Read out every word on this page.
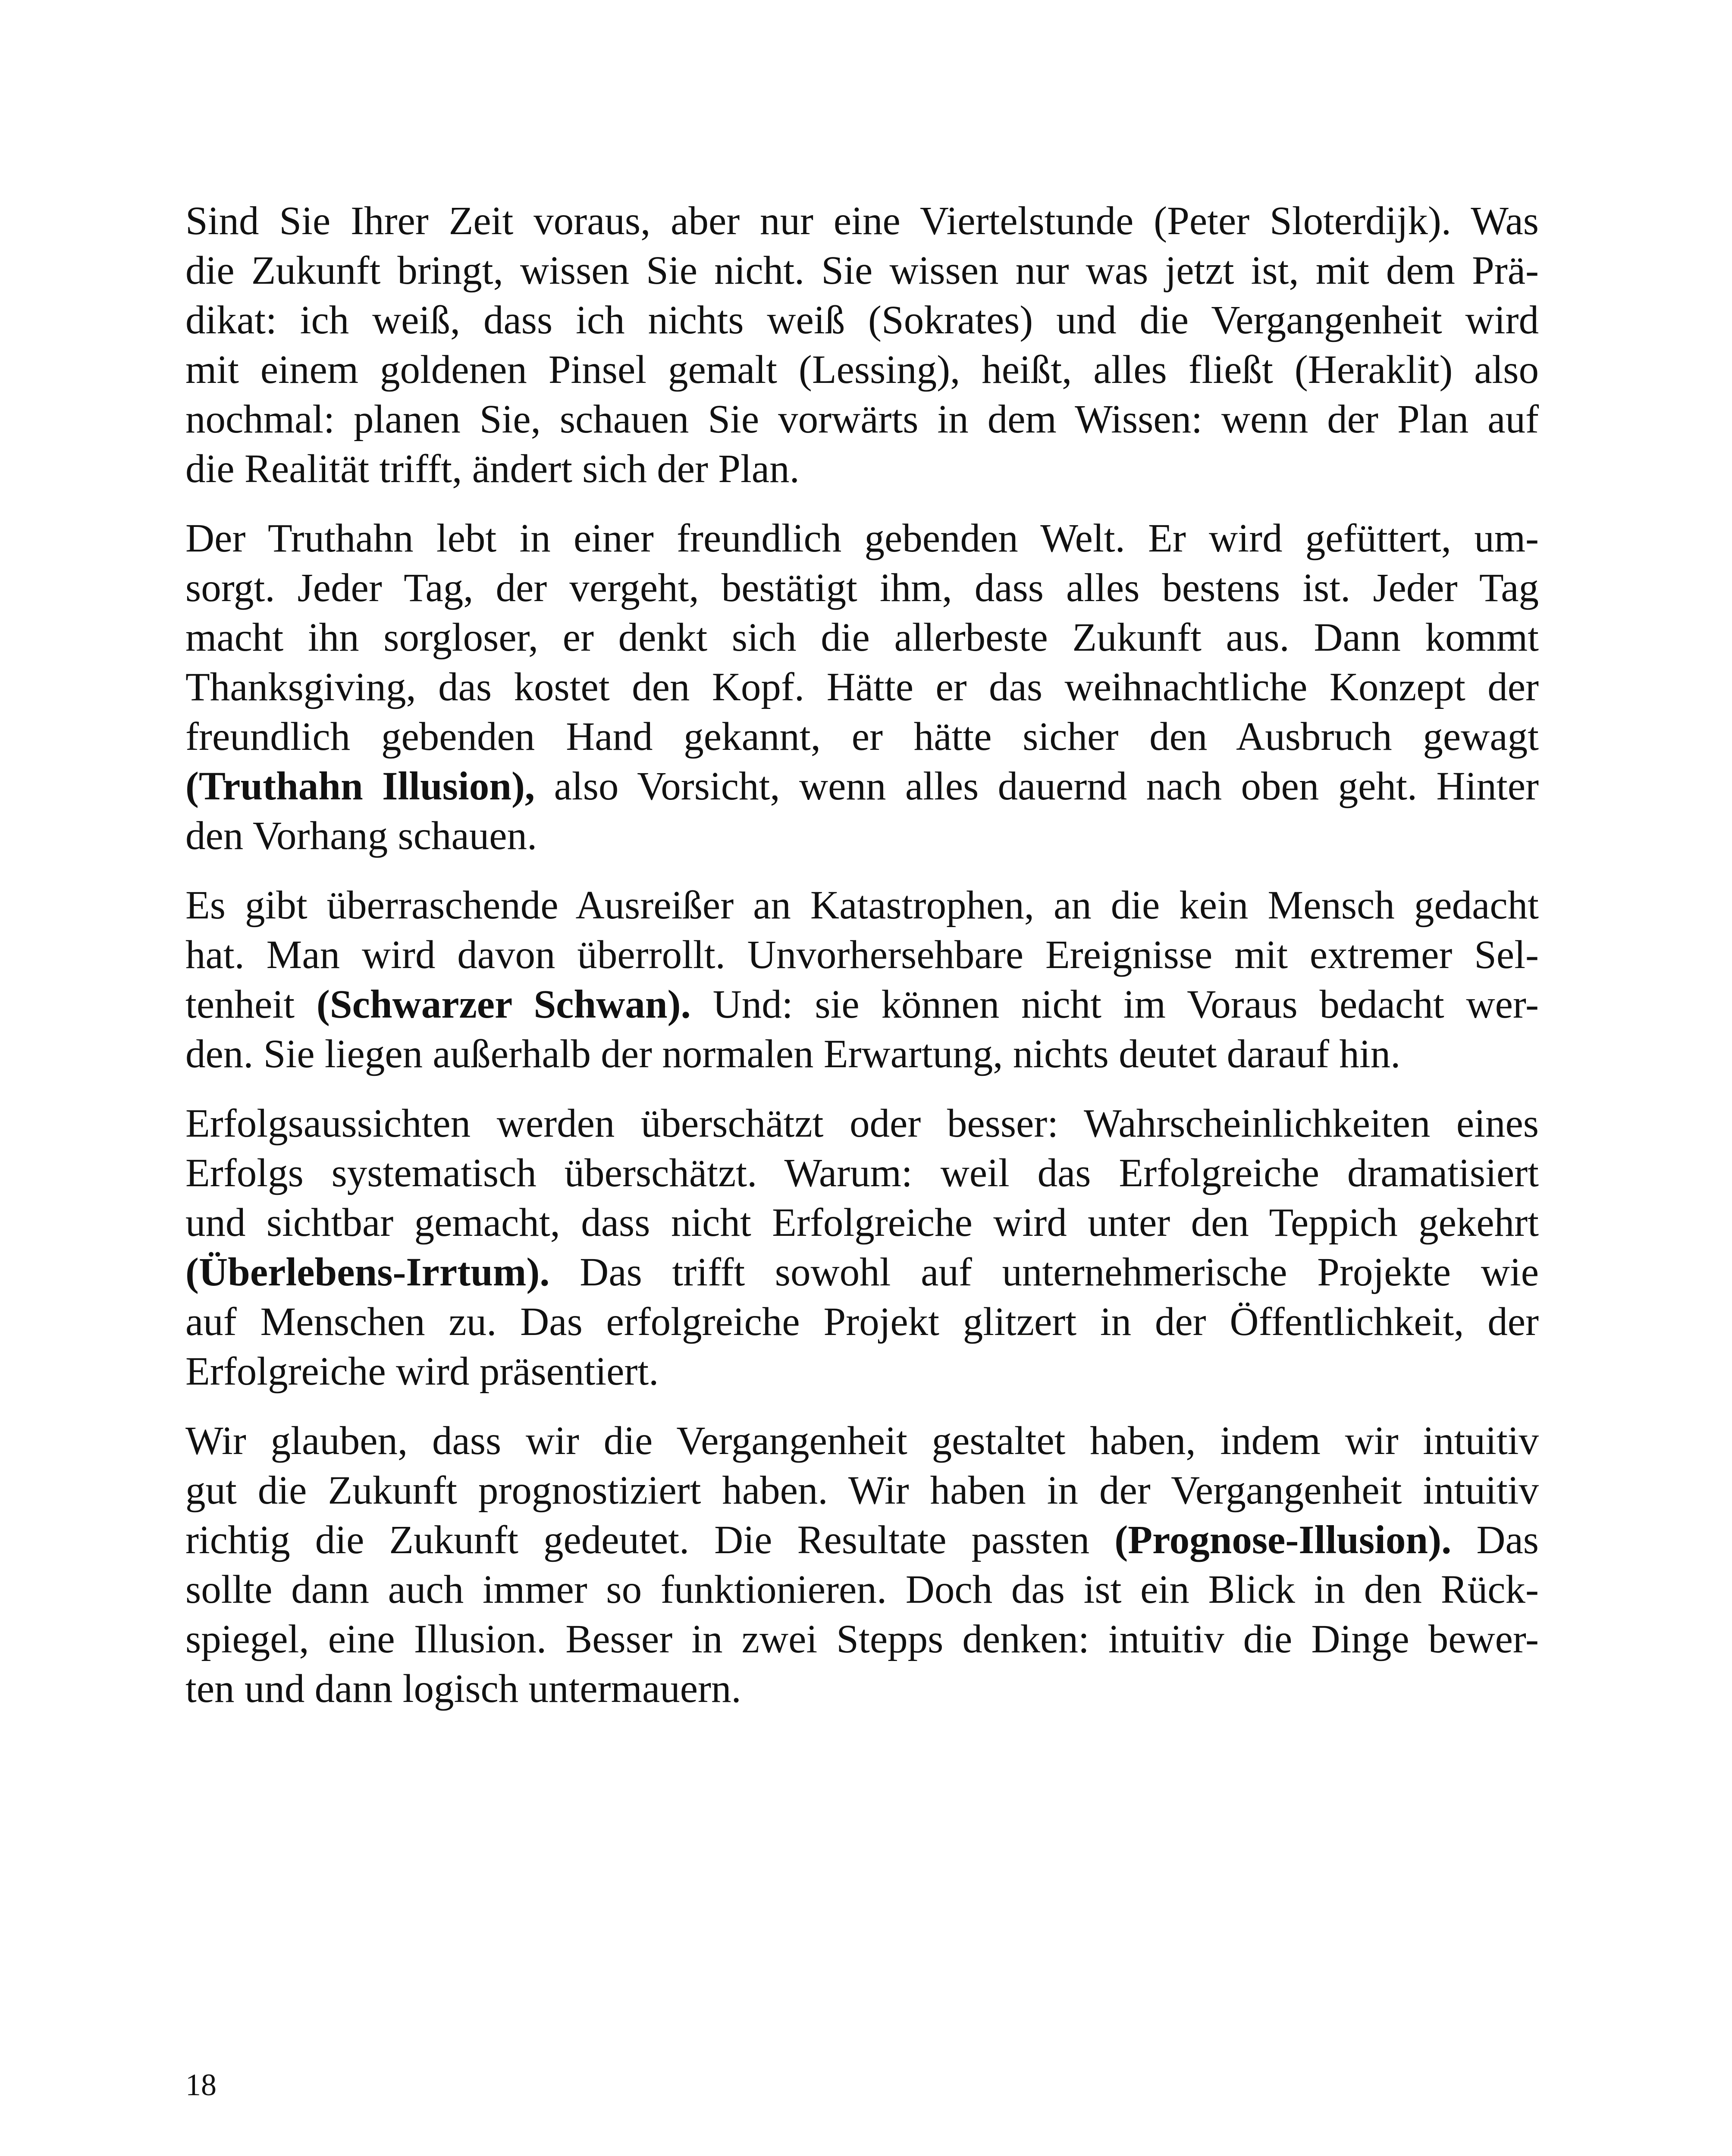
Sind Sie Ihrer Zeit voraus, aber nur eine Viertelstunde (Peter Sloterdijk). Was
die Zukunft bringt, wissen Sie nicht. Sie wissen nur was jetzt ist, mit dem Prä-
dikat: ich weiß, dass ich nichts weiß (Sokrates) und die Vergangenheit wird
mit einem goldenen Pinsel gemalt (Lessing), heißt, alles fließt (Heraklit) also
nochmal: planen Sie, schauen Sie vorwärts in dem Wissen: wenn der Plan auf
die Realität trifft, ändert sich der Plan.

Der Truthahn lebt in einer freundlich gebenden Welt. Er wird gefüttert, um-
sorgt. Jeder Tag, der vergeht, bestätigt ihm, dass alles bestens ist. Jeder Tag
macht ihn sorgloser, er denkt sich die allerbeste Zukunft aus. Dann kommt
Thanksgiving, das kostet den Kopf. Hätte er das weihnachtliche Konzept der
freundlich gebenden Hand gekannt, er hätte sicher den Ausbruch gewagt
(Truthahn Illusion), also Vorsicht, wenn alles dauernd nach oben geht. Hinter
den Vorhang schauen.

Es gibt überraschende Ausreißer an Katastrophen, an die kein Mensch gedacht
hat. Man wird davon überrollt. Unvorhersehbare Ereignisse mit extremer Sel-
tenheit (Schwarzer Schwan). Und: sie können nicht im Voraus bedacht wer-
den. Sie liegen außerhalb der normalen Erwartung, nichts deutet darauf hin.

Erfolgsaussichten werden überschätzt oder besser: Wahrscheinlichkeiten eines
Erfolgs systematisch überschätzt. Warum: weil das Erfolgreiche dramatisiert
und sichtbar gemacht, dass nicht Erfolgreiche wird unter den Teppich gekehrt
(Überlebens-Irrtum). Das trifft sowohl auf unternehmerische Projekte wie
auf Menschen zu. Das erfolgreiche Projekt glitzert in der Öffentlichkeit, der
Erfolgreiche wird präsentiert.

Wir glauben, dass wir die Vergangenheit gestaltet haben, indem wir intuitiv
gut die Zukunft prognostiziert haben. Wir haben in der Vergangenheit intuitiv
richtig die Zukunft gedeutet. Die Resultate passten (Prognose-Illusion). Das
sollte dann auch immer so funktionieren. Doch das ist ein Blick in den Rück-
spiegel, eine Illusion. Besser in zwei Stepps denken: intuitiv die Dinge bewer-
ten und dann logisch untermauern.

18
